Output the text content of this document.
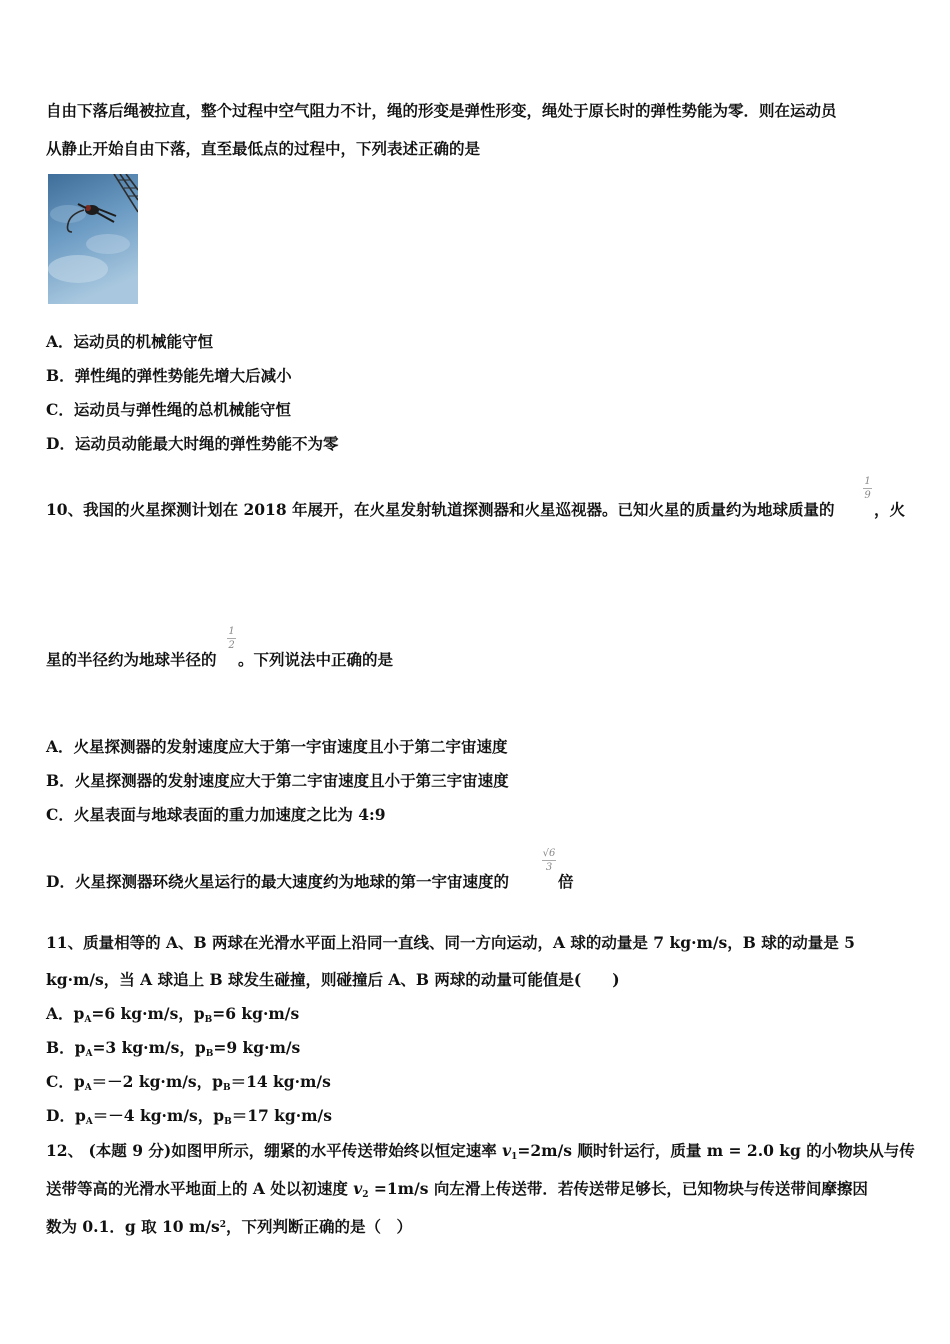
自由下落后绳被拉直，整个过程中空气阻力不计，绳的形变是弹性形变，绳处于原长时的弹性势能为零．则在运动员
从静止开始自由下落，直至最低点的过程中，下列表述正确的是
A．运动员的机械能守恒
B．弹性绳的弹性势能先增大后减小
C．运动员与弹性绳的总机械能守恒
D．运动员动能最大时绳的弹性势能不为零
10、我国的火星探测计划在 2018 年展开，在火星发射轨道探测器和火星巡视器。已知火星的质量约为地球质量的
1
9
，火
星的半径约为地球半径的
1
2
。下列说法中正确的是
A．火星探测器的发射速度应大于第一宇宙速度且小于第二宇宙速度
B．火星探测器的发射速度应大于第二宇宙速度且小于第三宇宙速度
C．火星表面与地球表面的重力加速度之比为 4:9
D．火星探测器环绕火星运行的最大速度约为地球的第一宇宙速度的
√6
3
倍
11、质量相等的 A、B 两球在光滑水平面上沿同一直线、同一方向运动，A 球的动量是 7 kg·m/s，B 球的动量是 5
kg·m/s，当 A 球追上 B 球发生碰撞，则碰撞后 A、B 两球的动量可能值是(　　)
A．$p_A=6$ kg·m/s，$p_B=6$ kg·m/s
B．$p_A=3$ kg·m/s，$p_B=9$ kg·m/s
C．$p_A=-2$ kg·m/s，$p_B=14$ kg·m/s
D．$p_A=-4$ kg·m/s，$p_B=17$ kg·m/s
12、 (本题 9 分)如图甲所示，绷紧的水平传送带始终以恒定速率 $v_1=2m/s$ 顺时针运行，质量 m = 2.0 kg 的小物块从与传
送带等高的光滑水平地面上的 A 处以初速度 $v_2 =1m/s$ 向左滑上传送带．若传送带足够长，已知物块与传送带间摩擦因
数为 0.1．g 取 10 $m/s^2$，下列判断正确的是（　）
